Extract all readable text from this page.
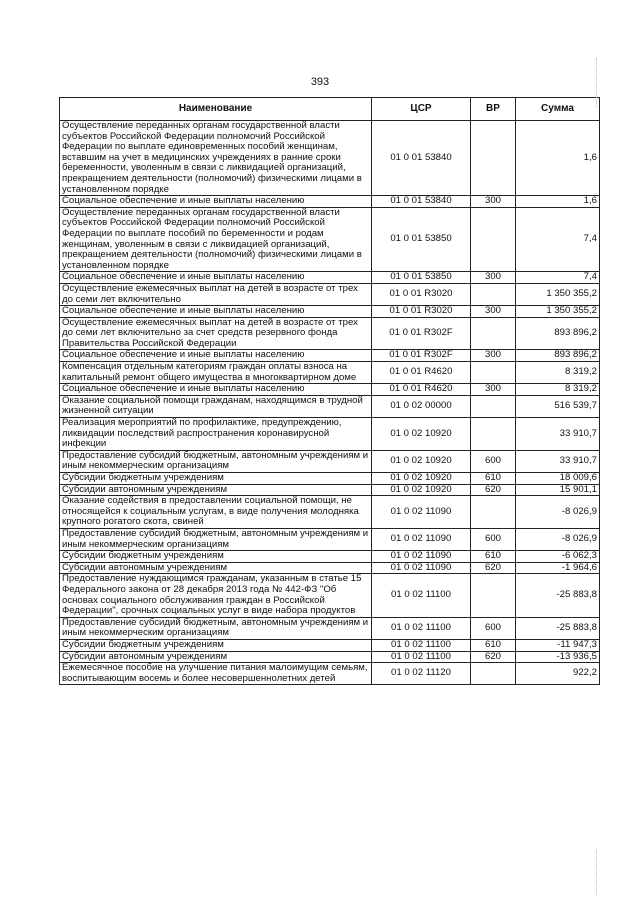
393
Наименование	ЦСР	ВР	Сумма
Осуществление переданных органам государственной власти субъектов Российской Федерации полномочий Российской Федерации по выплате единовременных пособий женщинам, вставшим на учет в медицинских учреждениях в ранние сроки беременности, уволенным в связи с ликвидацией организаций, прекращением деятельности (полномочий) физическими лицами в установленном порядке	01 0 01 53840		1,6
Социальное обеспечение и иные выплаты населению	01 0 01 53840	300	1,6
Осуществление переданных органам государственной власти субъектов Российской Федерации полномочий Российской Федерации по выплате пособий по беременности и родам женщинам, уволенным в связи с ликвидацией организаций, прекращением деятельности (полномочий) физическими лицами в установленном порядке	01 0 01 53850		7,4
Социальное обеспечение и иные выплаты населению	01 0 01 53850	300	7,4
Осуществление ежемесячных выплат на детей в возрасте от трех до семи лет включительно	01 0 01 R3020		1 350 355,2
Социальное обеспечение и иные выплаты населению	01 0 01 R3020	300	1 350 355,2
Осуществление ежемесячных выплат на детей в возрасте от трех до семи лет включительно за счет средств резервного фонда Правительства Российской Федерации	01 0 01 R302F		893 896,2
Социальное обеспечение и иные выплаты населению	01 0 01 R302F	300	893 896,2
Компенсация отдельным категориям граждан оплаты взноса на капитальный ремонт общего имущества в многоквартирном доме	01 0 01 R4620		8 319,2
Социальное обеспечение и иные выплаты населению	01 0 01 R4620	300	8 319,2
Оказание социальной помощи гражданам, находящимся в трудной жизненной ситуации	01 0 02 00000		516 539,7
Реализация мероприятий по профилактике, предупреждению, ликвидации последствий распространения коронавирусной инфекции	01 0 02 10920		33 910,7
Предоставление субсидий бюджетным, автономным учреждениям и иным некоммерческим организациям	01 0 02 10920	600	33 910,7
Субсидии бюджетным учреждениям	01 0 02 10920	610	18 009,6
Субсидии автономным учреждениям	01 0 02 10920	620	15 901,1
Оказание содействия в предоставлении социальной помощи, не относящейся к социальным услугам, в виде получения молодняка крупного рогатого скота, свиней	01 0 02 11090		-8 026,9
Предоставление субсидий бюджетным, автономным учреждениям и иным некоммерческим организациям	01 0 02 11090	600	-8 026,9
Субсидии бюджетным учреждениям	01 0 02 11090	610	-6 062,3
Субсидии автономным учреждениям	01 0 02 11090	620	-1 964,6
Предоставление нуждающимся гражданам, указанным в статье 15 Федерального закона от 28 декабря 2013 года № 442-ФЗ "Об основах социального обслуживания граждан в Российской Федерации", срочных социальных услуг в виде набора продуктов	01 0 02 11100		-25 883,8
Предоставление субсидий бюджетным, автономным учреждениям и иным некоммерческим организациям	01 0 02 11100	600	-25 883,8
Субсидии бюджетным учреждениям	01 0 02 11100	610	-11 947,3
Субсидии автономным учреждениям	01 0 02 11100	620	-13 936,5
Ежемесячное пособие на улучшение питания малоимущим семьям, воспитывающим восемь и более несовершеннолетних детей	01 0 02 11120		922,2
